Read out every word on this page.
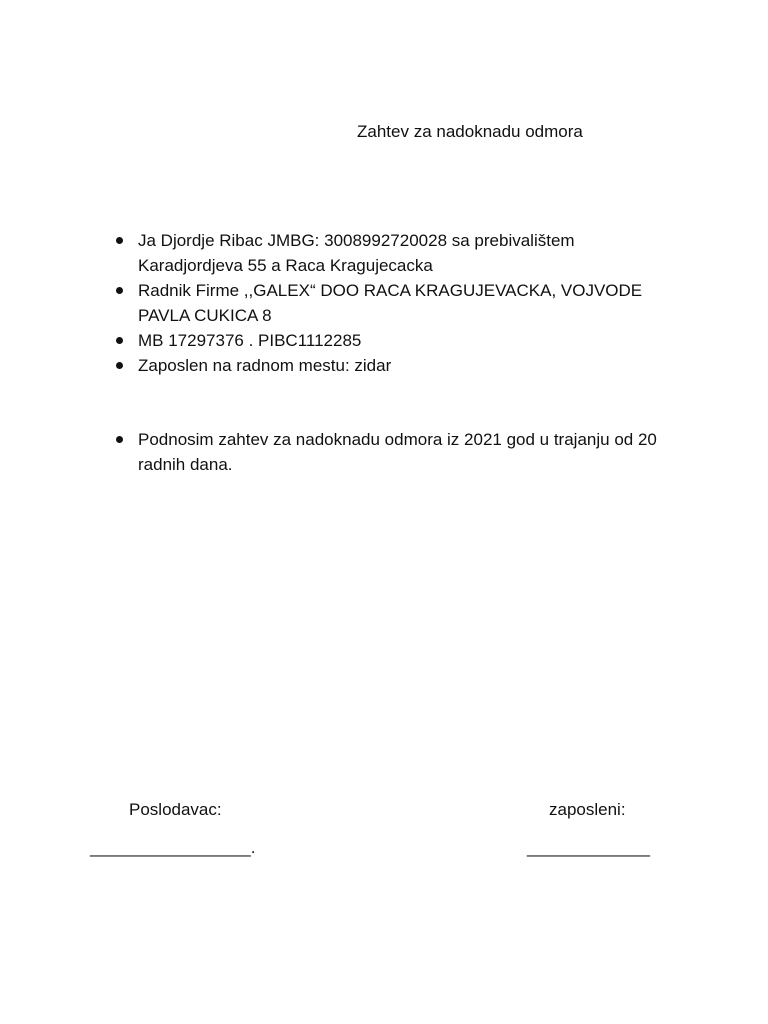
Zahtev za nadoknadu odmora
Ja Djordje Ribac JMBG: 3008992720028 sa prebivalištem Karadjordjeva 55 a Raca Kragujecacka
Radnik Firme ,,GALEX“ DOO RACA KRAGUJEVACKA, VOJVODE PAVLA CUKICA 8
MB 17297376 . PIBC1112285
Zaposlen na radnom mestu: zidar
Podnosim zahtev za nadoknadu odmora iz 2021 god u trajanju od 20 radnih dana.
Poslodavac:	zaposleni:
_________________.	_____________
